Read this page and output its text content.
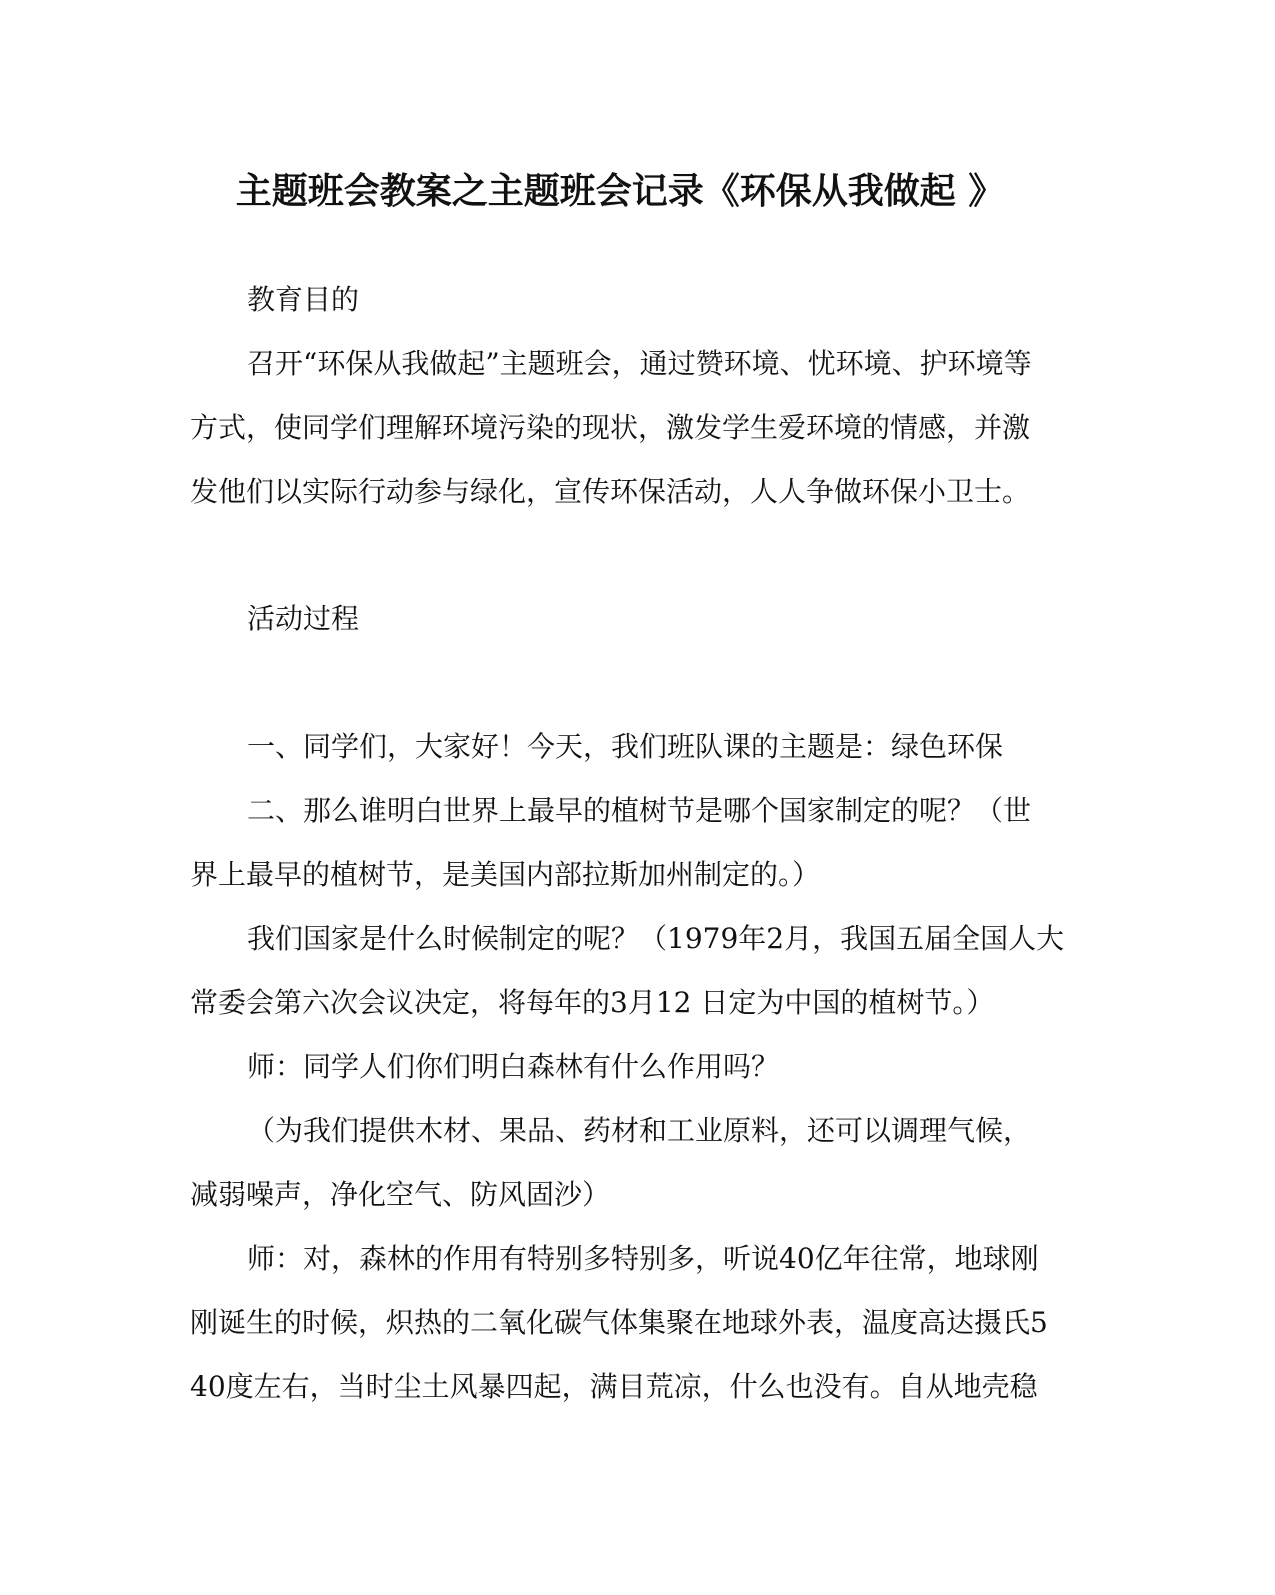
主题班会教案之主题班会记录《环保从我做起 》
教育目的
召开“环保从我做起”主题班会，通过赞环境、忧环境、护环境等
方式，使同学们理解环境污染的现状，激发学生爱环境的情感，并激
发他们以实际行动参与绿化，宣传环保活动，人人争做环保小卫士。
活动过程
一、同学们，大家好！今天，我们班队课的主题是：绿色环保
二、那么谁明白世界上最早的植树节是哪个国家制定的呢？（世
界上最早的植树节，是美国内部拉斯加州制定的。）
我们国家是什么时候制定的呢？（1979年2月，我国五届全国人大
常委会第六次会议决定，将每年的3月12 日定为中国的植树节。）
师：同学人们你们明白森林有什么作用吗？
（为我们提供木材、果品、药材和工业原料，还可以调理气候，
减弱噪声，净化空气、防风固沙）
师：对，森林的作用有特别多特别多，听说40亿年往常，地球刚
刚诞生的时候，炽热的二氧化碳气体集聚在地球外表，温度高达摄氏5
40度左右，当时尘土风暴四起，满目荒凉，什么也没有。自从地壳稳
